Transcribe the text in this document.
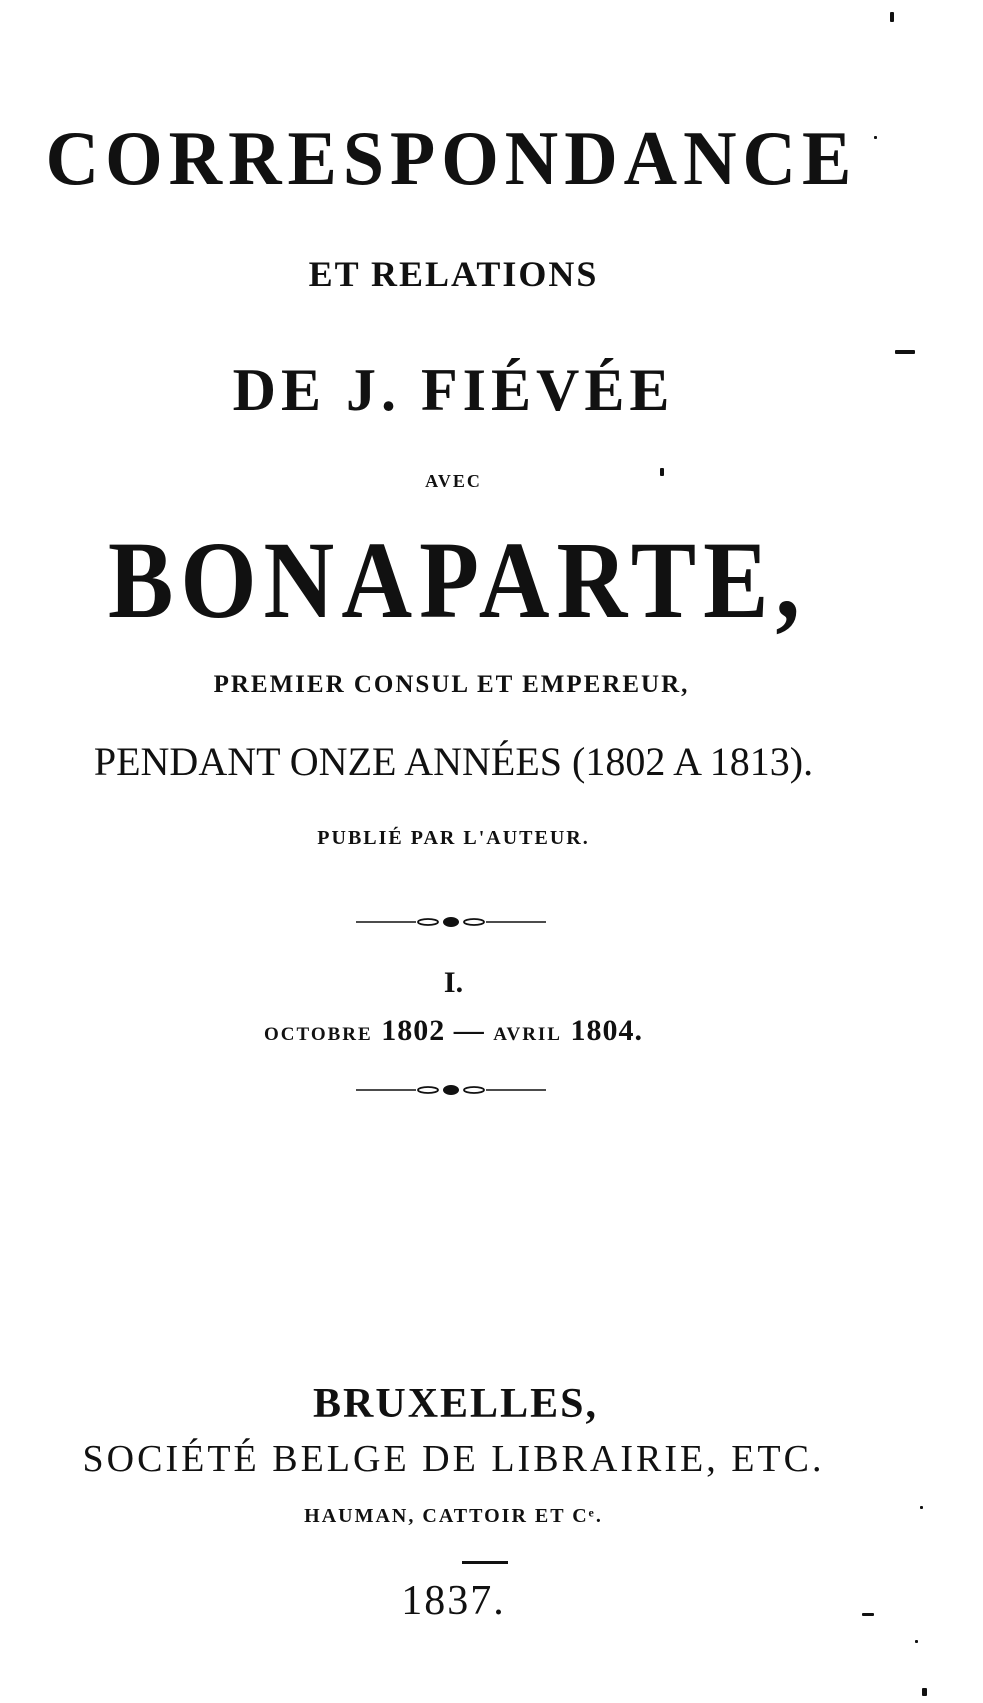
CORRESPONDANCE
ET RELATIONS
DE J. FIÉVÉE
AVEC
BONAPARTE,
PREMIER CONSUL ET EMPEREUR,
PENDANT ONZE ANNÉES (1802 A 1813).
PUBLIÉ PAR L'AUTEUR.
I.
OCTOBRE 1802 — AVRIL 1804.
BRUXELLES,
SOCIÉTÉ BELGE DE LIBRAIRIE, ETC.
HAUMAN, CATTOIR ET Cᵉ.
1837.
